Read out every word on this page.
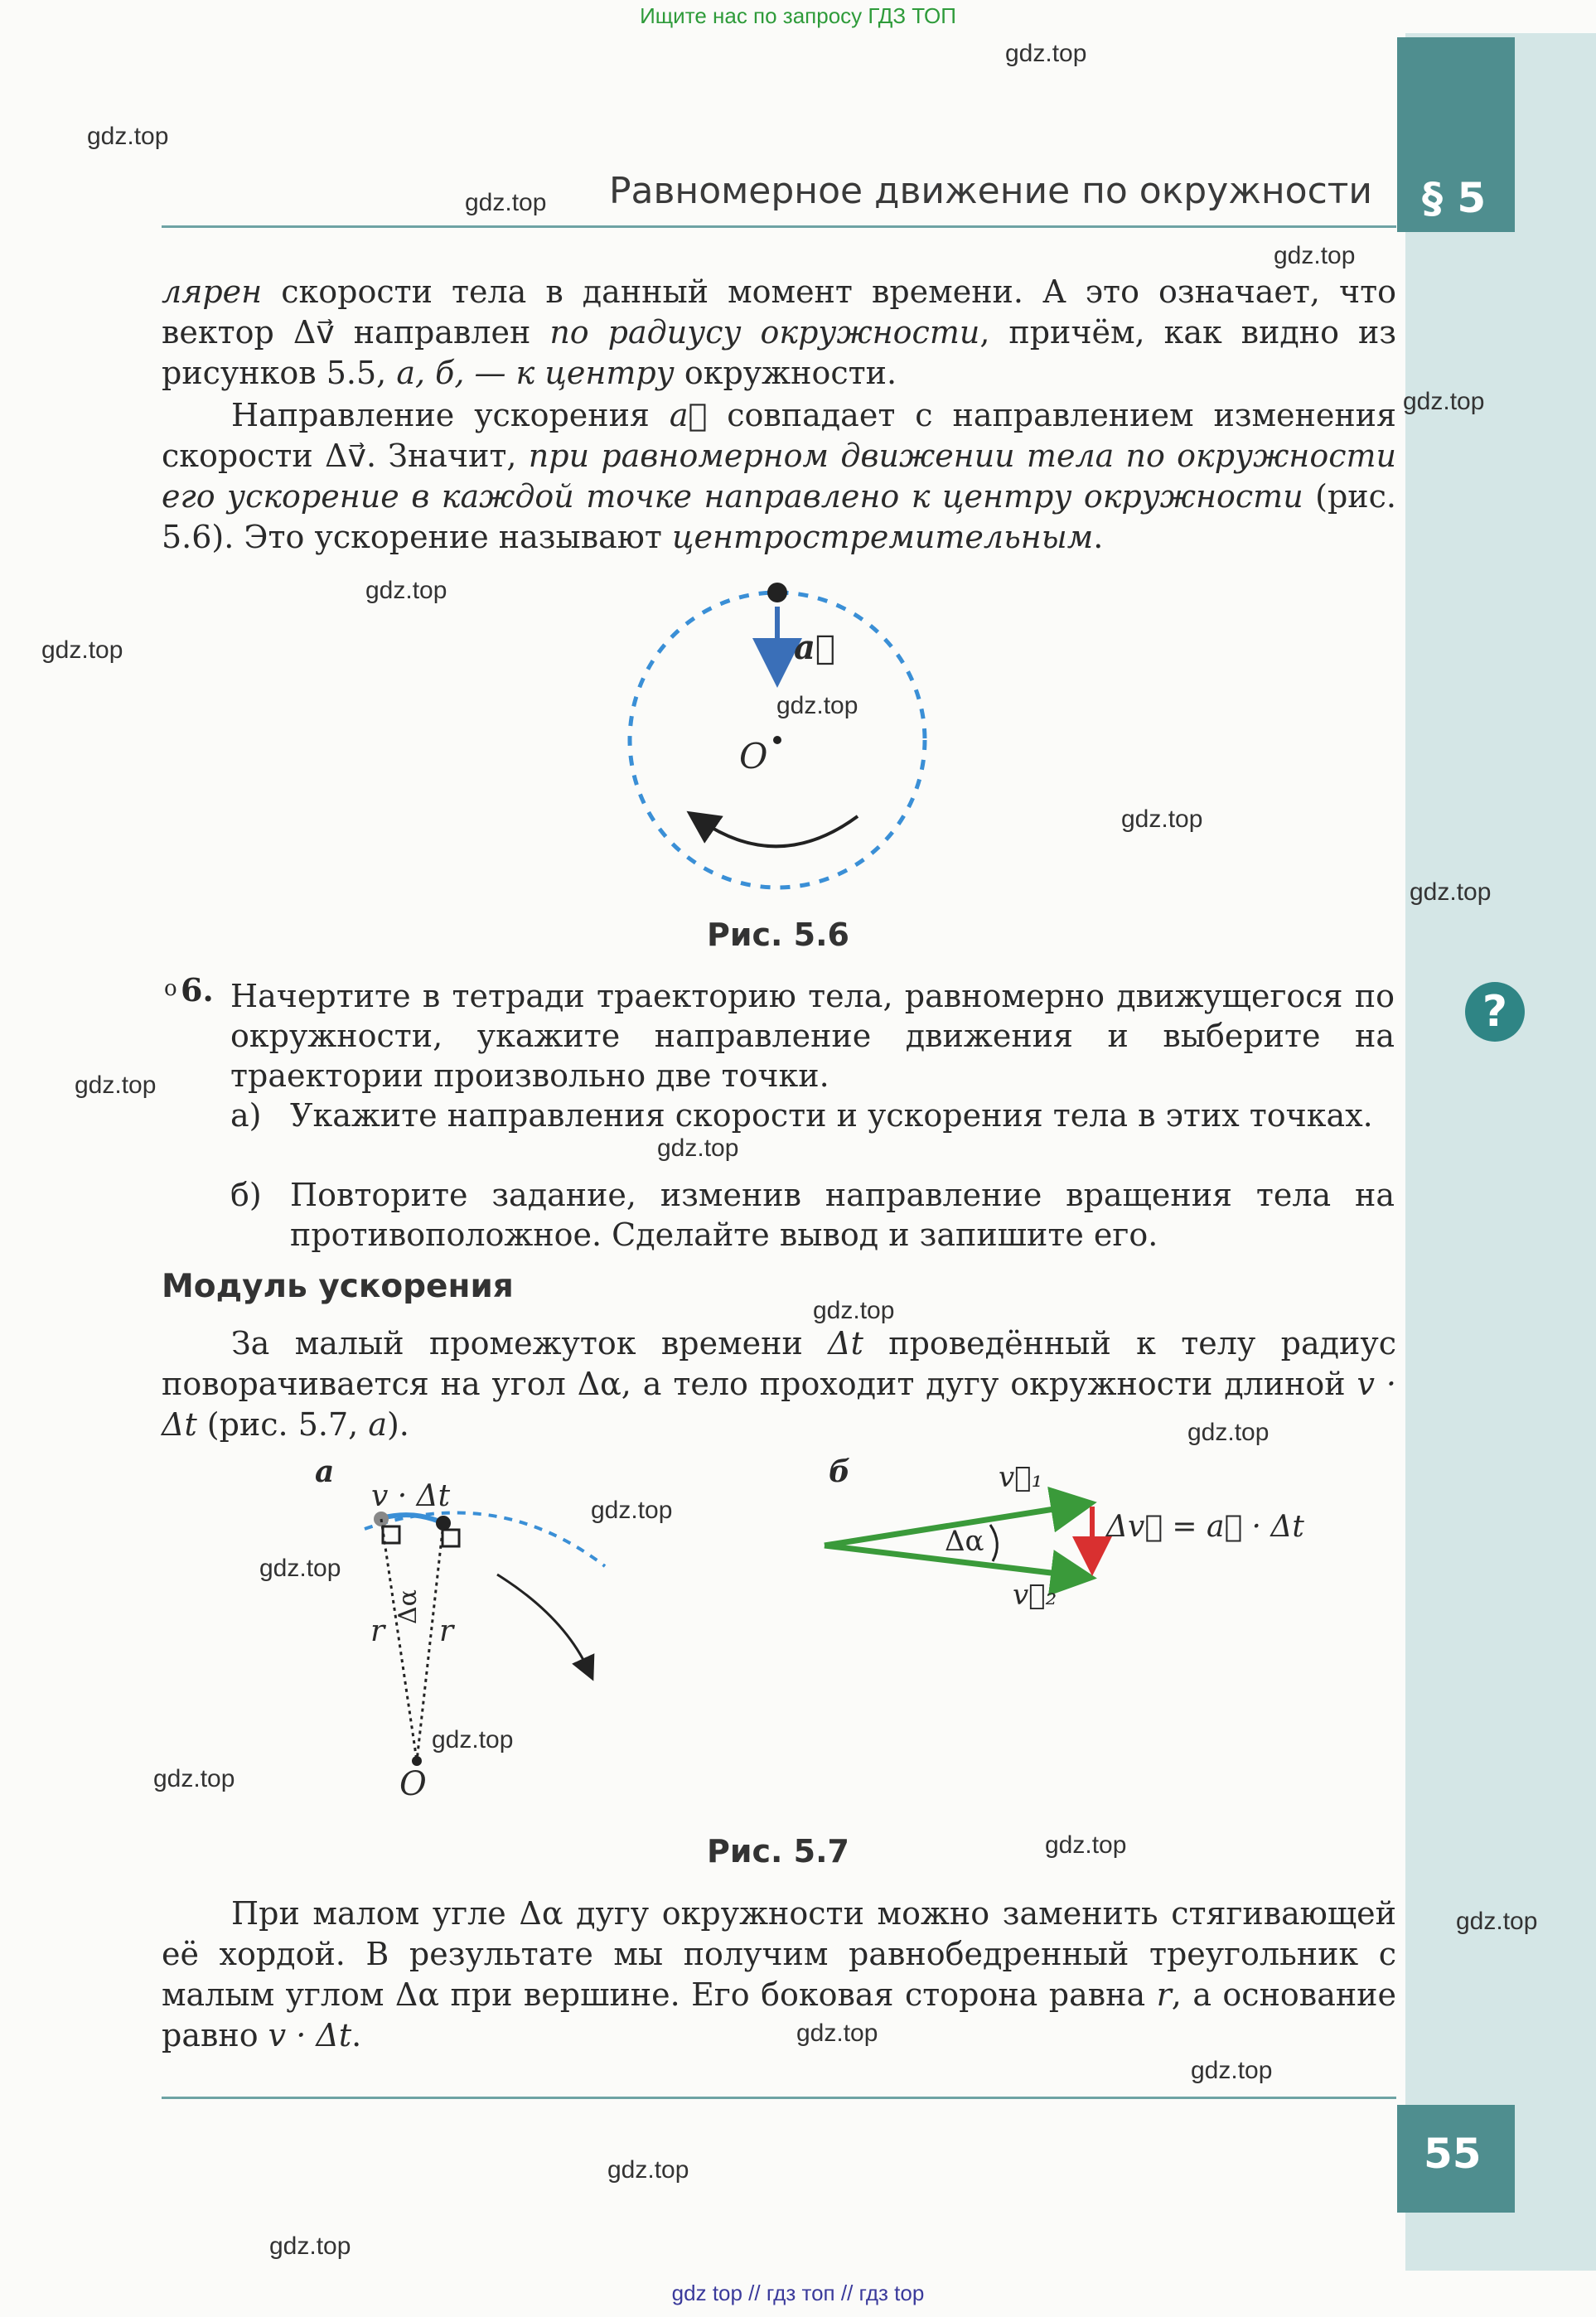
§ 5
55
Ищите нас по запросу ГДЗ ТОП
gdz top // гдз топ // гдз top
Равномерное движение по окружности
лярен скорости тела в данный момент времени. А это означает, что вектор Δv⃗ направлен по радиусу окружности, причём, как видно из рисунков 5.5, а, б, — к центру окружности.
Направление ускорения a⃗ совпадает с направлением изменения скорости Δv⃗. Значит, при равномерном движении тела по окружности его ускорение в каждой точке направлено к центру окружности (рис. 5.6). Это ускорение называют центростремительным.
a⃗
O
Рис. 5.6
о 6. Начертите в тетради траекторию тела, равномерно движущегося по окружности, укажите направление движения и выберите на траектории произвольно две точки.
а) Укажите направления скорости и ускорения тела в этих точках.
б) Повторите задание, изменив направление вращения тела на противоположное. Сделайте вывод и запишите его.
Модуль ускорения
За малый промежуток времени Δt проведённый к телу радиус поворачивается на угол Δα, а тело проходит дугу окружности длиной v · Δt (рис. 5.7, а).
а	б
v · Δt
r r
Δα
O
Δα
v⃗₁
v⃗₂
Δv⃗ = a⃗ · Δt
Рис. 5.7
При малом угле Δα дугу окружности можно заменить стягивающей её хордой. В результате мы получим равнобедренный треугольник с малым углом Δα при вершине. Его боковая сторона равна r, а основание равно v · Δt.
?
gdz.top
gdz.top
gdz.top
gdz.top
gdz.top
gdz.top
gdz.top
gdz.top
gdz.top
gdz.top
gdz.top
gdz.top
gdz.top
gdz.top
gdz.top
gdz.top
gdz.top
gdz.top
gdz.top
gdz.top
gdz.top
gdz.top
gdz.top
gdz.top
